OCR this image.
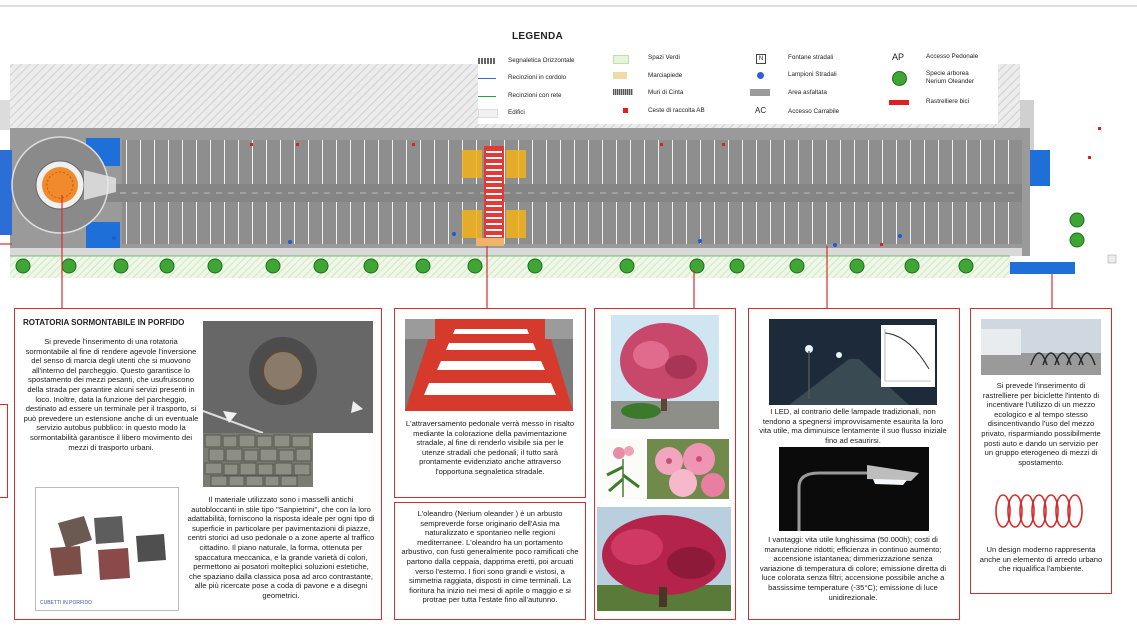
LEGENDA
Segnaletica Orizzontale
Recinzioni in cordolo
Recinzioni con rete
Edifici
Spazi Verdi
Marciapiede
Muri di Cinta
Ceste di raccolta AB
N	Fontane stradali
Lampioni Stradali
Area asfaltata
AC	Accesso Carrabile
AP	Accesso Pedonale
Specie arborea Nerium Oleander
Rastrelliere bici
ROTATORIA SORMONTABILE IN PORFIDO
Si prevede l'inserimento di una rotatoria sormontabile al fine di rendere agevole l'inversione del senso di marcia degli utenti che si muovono all'interno del parcheggio. Questo garantisce lo spostamento dei mezzi pesanti, che usufruiscono della strada per garantire alcuni servizi presenti in loco. Inoltre, data la funzione del parcheggio, destinato ad essere un terminale per il trasporto, si può prevedere un estensione anche di un eventuale servizio autobus pubblico: in questo modo la sormontabilità garantisce il libero movimento dei mezzi di trasporto urbani.
CUBETTI IN PORFIDO
Il materiale utilizzato sono i masselli antichi autobloccanti in stile tipo "Sanpietrini", che con la loro adattabilità, forniscono la risposta ideale per ogni tipo di superficie in particolare per pavimentazioni di piazze, centri storici ad uso pedonale o a zone aperte al traffico cittadino. Il piano naturale, la forma, ottenuta per spaccatura meccanica, e la grande varietà di colori, permettono ai posatori molteplici soluzioni estetiche, che spaziano dalla classica posa ad arco contrastante, alle più ricercate pose a coda di pavone e a disegni geometrici.
L'attraversamento pedonale verrà messo in risalto mediante la colorazione della pavimentazione stradale, al fine di renderlo visibile sia per le utenze stradali che pedonali, il tutto sarà prontamente evidenziato anche attraverso l'opportuna segnaletica stradale.
L'oleandro (Nerium oleander ) è un arbusto sempreverde forse originario dell'Asia ma naturalizzato e spontaneo nelle regioni mediterranee. L'oleandro ha un portamento arbustivo, con fusti generalmente poco ramificati che partono dalla ceppaia, dapprima eretti, poi arcuati verso l'esterno. I fiori sono grandi e vistosi, a simmetria raggiata, disposti in cime terminali. La fioritura ha inizio nei mesi di aprile o maggio e si protrae per tutta l'estate fino all'autunno.
I LED, al contrario delle lampade tradizionali, non tendono a spegnersi improvvisamente esaurita la loro vita utile, ma diminuisce lentamente il suo flusso iniziale fino ad esaurirsi.
I vantaggi: vita utile lunghissima (50.000h); costi di manutenzione ridotti; efficienza in continuo aumento; accensione istantanea; dimmerizzazione senza variazione di temperatura di colore; emissione diretta di luce colorata senza filtri; accensione possibile anche a bassissime temperature (-35°C); emissione di luce unidirezionale.
Si prevede l'inserimento di rastrelliere per biciclette l'intento di incentivare l'utilizzo di un mezzo ecologico e al tempo stesso disincentivando l'uso del mezzo privato, risparmiando possibilmente posti auto e dando un servizio per un gruppo eterogeneo di mezzi di spostamento.
Un design moderno rappresenta anche un elemento di arredo urbano che riqualifica l'ambiente.
